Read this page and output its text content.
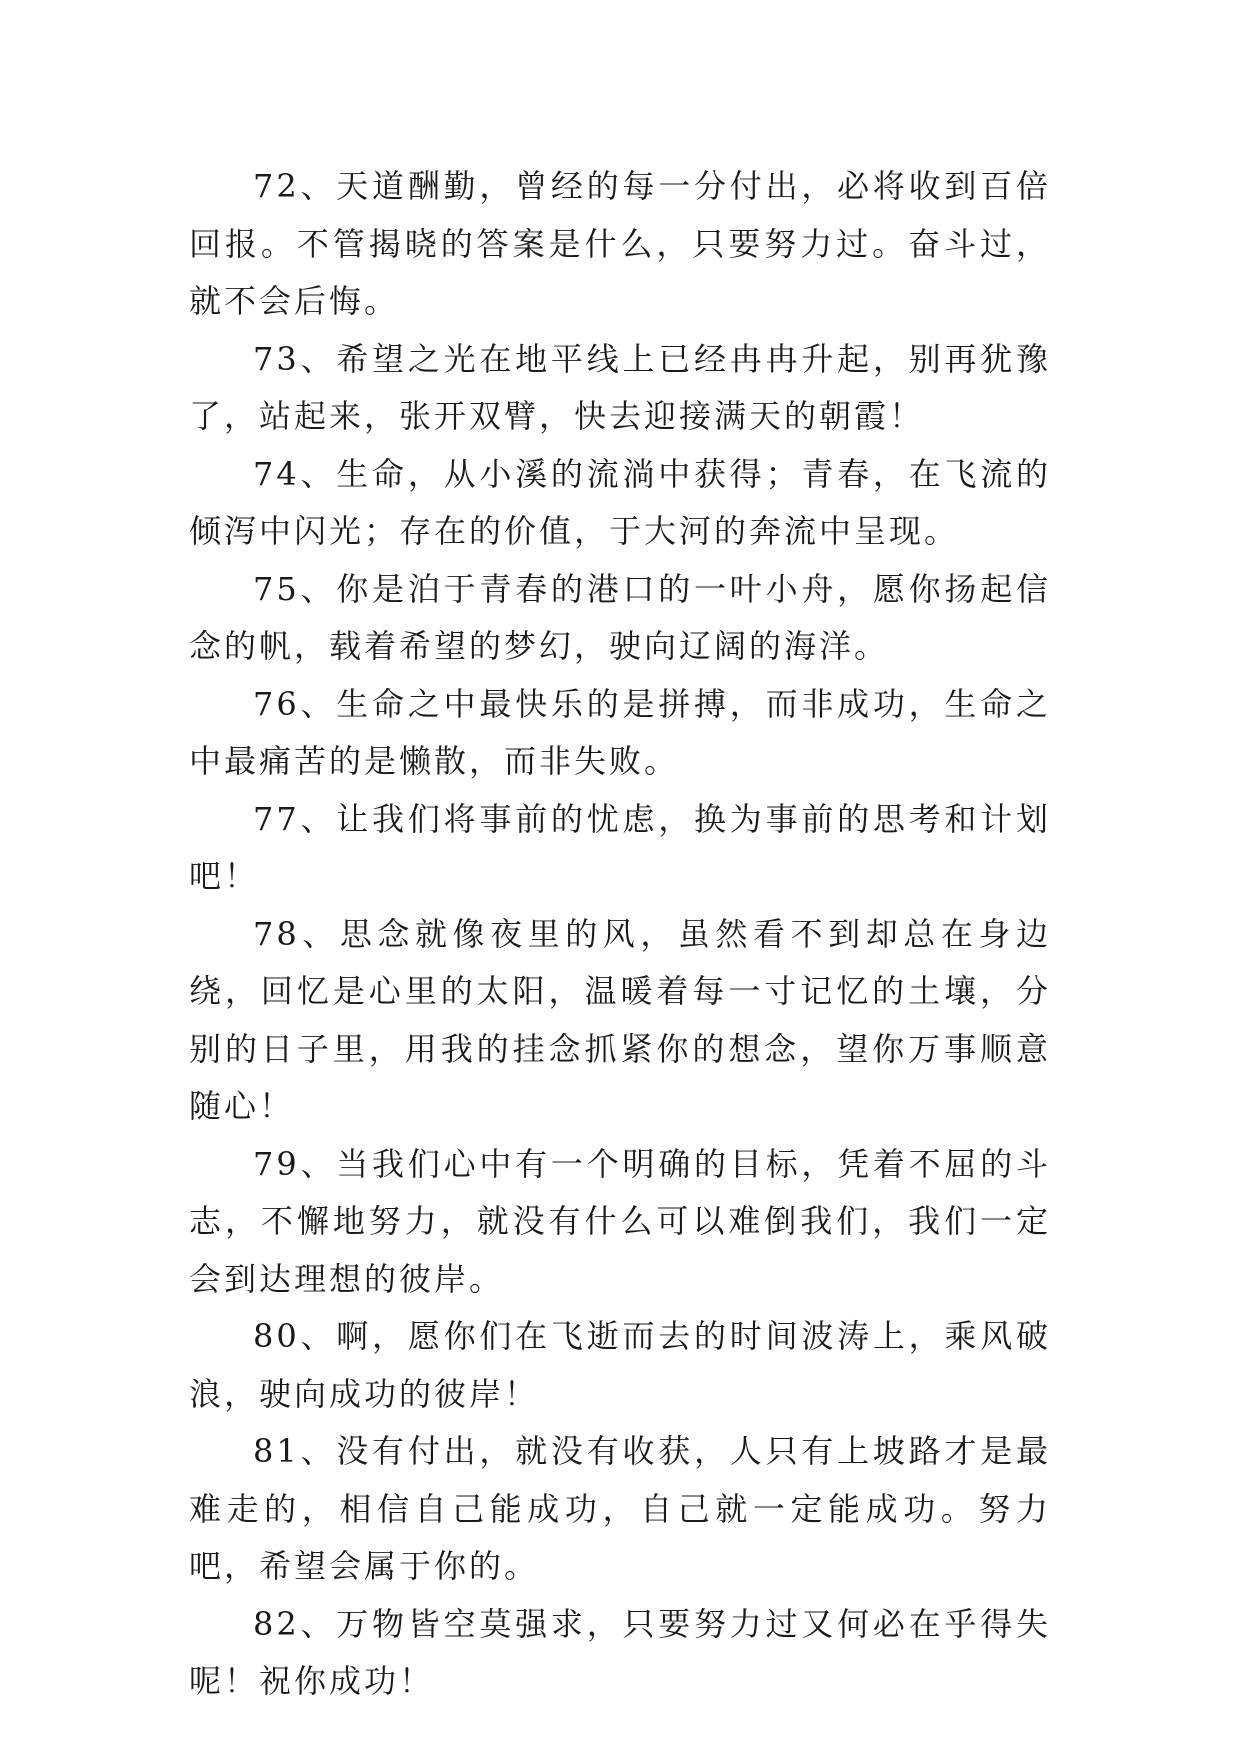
72、天道酬勤，曾经的每一分付出，必将收到百倍回报。不管揭晓的答案是什么，只要努力过。奋斗过，就不会后悔。

73、希望之光在地平线上已经冉冉升起，别再犹豫了，站起来，张开双臂，快去迎接满天的朝霞！

74、生命，从小溪的流淌中获得；青春，在飞流的倾泻中闪光；存在的价值，于大河的奔流中呈现。

75、你是泊于青春的港口的一叶小舟，愿你扬起信念的帆，载着希望的梦幻，驶向辽阔的海洋。

76、生命之中最快乐的是拼搏，而非成功，生命之中最痛苦的是懒散，而非失败。

77、让我们将事前的忧虑，换为事前的思考和计划吧！

78、思念就像夜里的风，虽然看不到却总在身边绕，回忆是心里的太阳，温暖着每一寸记忆的土壤，分别的日子里，用我的挂念抓紧你的想念，望你万事顺意随心！

79、当我们心中有一个明确的目标，凭着不屈的斗志，不懈地努力，就没有什么可以难倒我们，我们一定会到达理想的彼岸。

80、啊，愿你们在飞逝而去的时间波涛上，乘风破浪，驶向成功的彼岸！

81、没有付出，就没有收获，人只有上坡路才是最难走的，相信自己能成功，自己就一定能成功。努力吧，希望会属于你的。

82、万物皆空莫强求，只要努力过又何必在乎得失呢！祝你成功！
